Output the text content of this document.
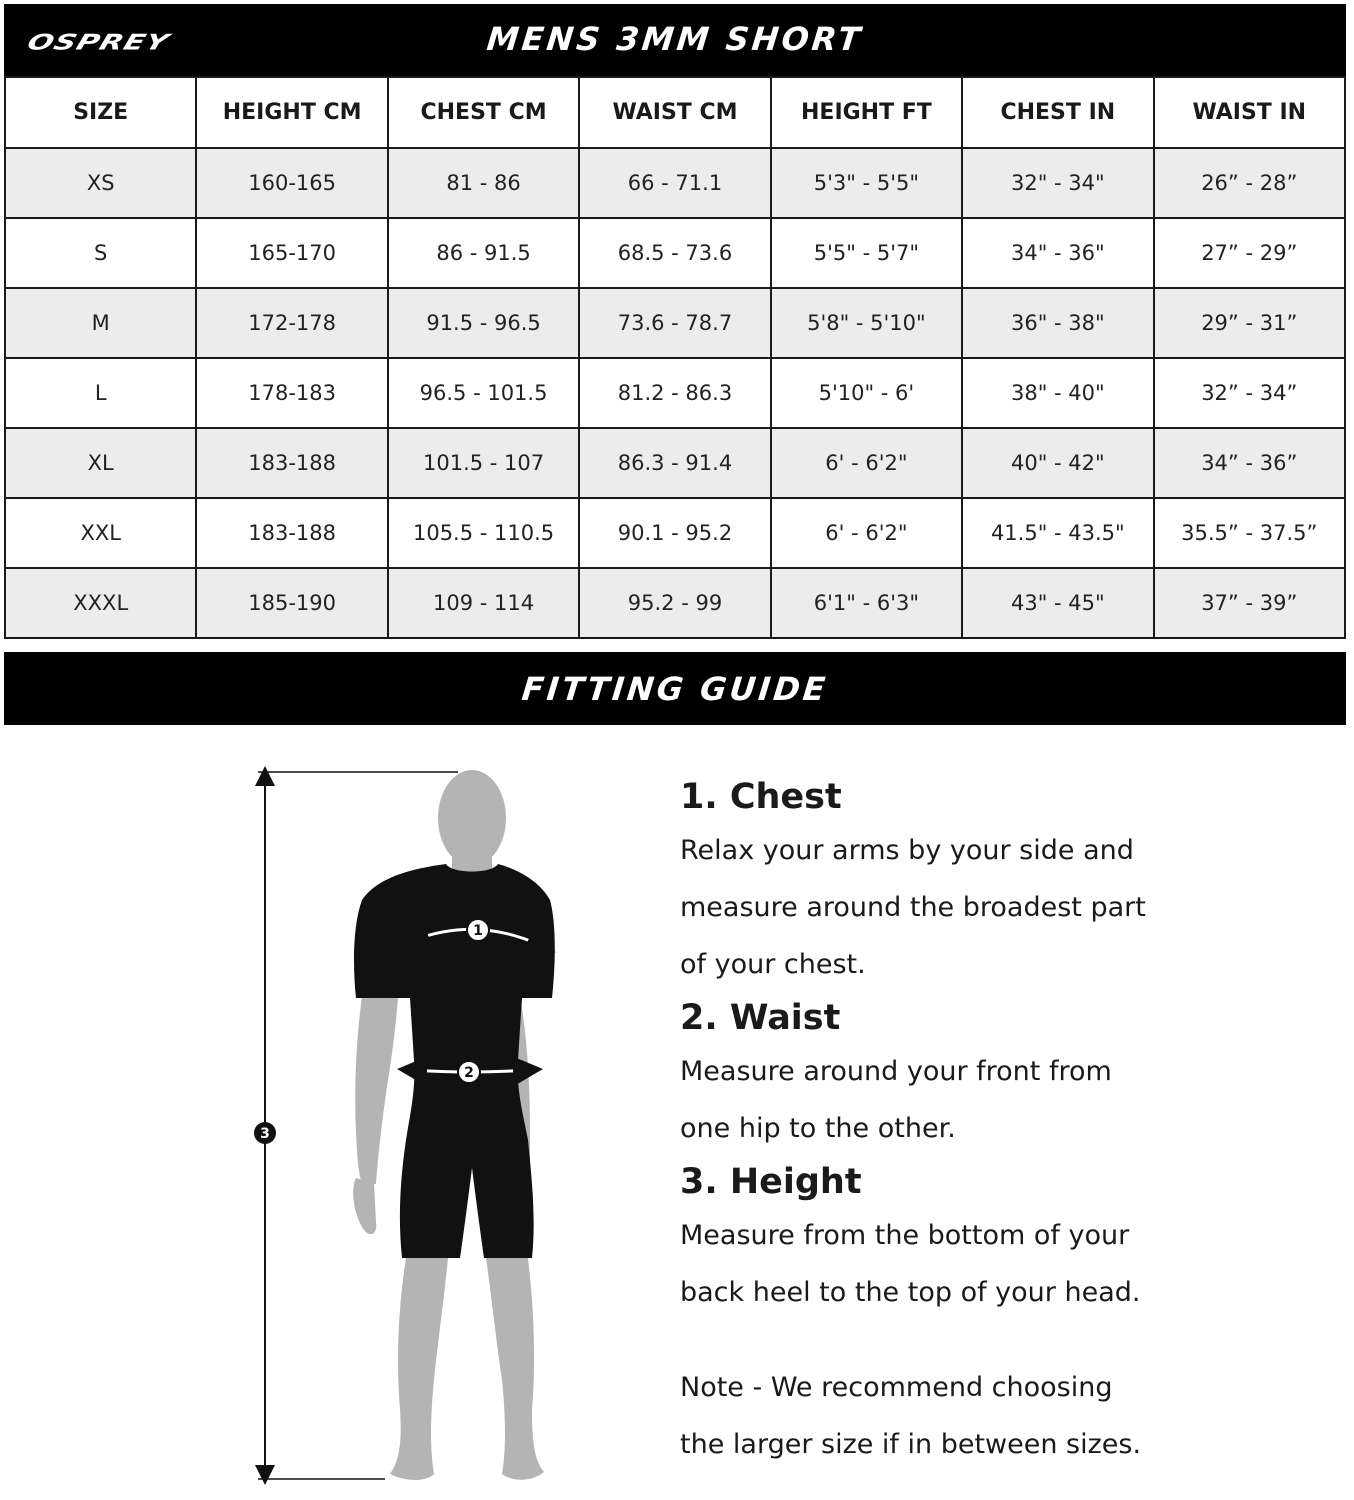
OSPREY	MENS 3MM SHORT
SIZE	HEIGHT CM	CHEST CM	WAIST CM	HEIGHT FT	CHEST IN	WAIST IN
XS	160-165	81 - 86	66 - 71.1	5'3" - 5'5"	32" - 34"	26” - 28”
S	165-170	86 - 91.5	68.5 - 73.6	5'5" - 5'7"	34" - 36"	27” - 29”
M	172-178	91.5 - 96.5	73.6 - 78.7	5'8" - 5'10"	36" - 38"	29” - 31”
L	178-183	96.5 - 101.5	81.2 - 86.3	5'10" - 6'	38" - 40"	32” - 34”
XL	183-188	101.5 - 107	86.3 - 91.4	6' - 6'2"	40" - 42"	34” - 36”
XXL	183-188	105.5 - 110.5	90.1 - 95.2	6' - 6'2"	41.5" - 43.5"	35.5” - 37.5”
XXXL	185-190	109 - 114	95.2 - 99	6'1" - 6'3"	43" - 45"	37” - 39”
FITTING GUIDE
1
2
3
1. Chest

Relax your arms by your side and

measure around the broadest part

of your chest.

2. Waist

Measure around your front from

one hip to the other.

3. Height

Measure from the bottom of your

back heel to the top of your head.

Note - We recommend choosing

the larger size if in between sizes.
